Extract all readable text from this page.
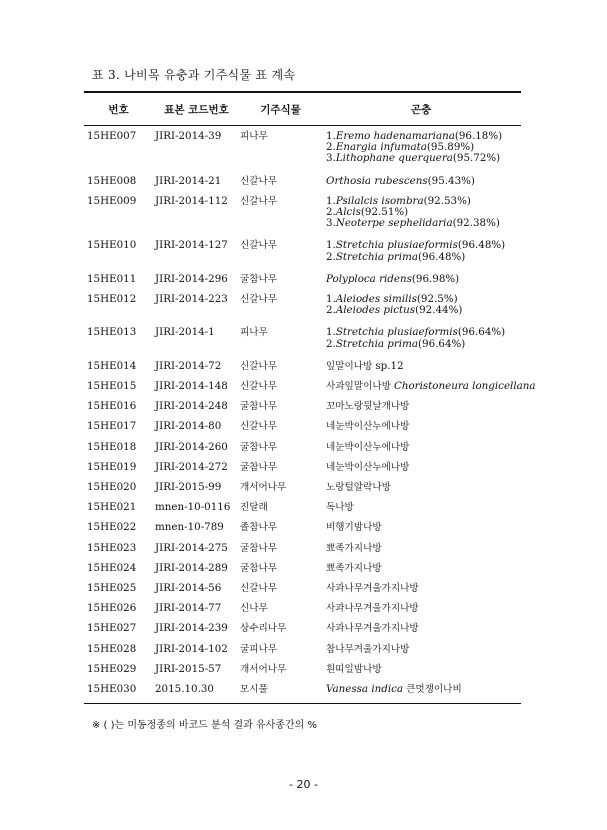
표 3. 나비목 유충과 기주식물 표 계속
번호	표본 코드번호	기주식물	곤충
15HE007	JIRI-2014-39	피나무	1.Eremo hadenamariana(96.18%)
2.Enargia infumata(95.89%)
3.Lithophane querquera(95.72%)
15HE008	JIRI-2014-21	신갈나무	Orthosia rubescens(95.43%)
15HE009	JIRI-2014-112	신갈나무	1.Psilalcis isombra(92.53%)
2.Alcis(92.51%)
3.Neoterpe sephelidaria(92.38%)
15HE010	JIRI-2014-127	신갈나무	1.Stretchia plusiaeformis(96.48%)
2.Stretchia prima(96.48%)
15HE011	JIRI-2014-296	굴참나무	Polyploca ridens(96.98%)
15HE012	JIRI-2014-223	신갈나무	1.Aleiodes similis(92.5%)
2.Aleiodes pictus(92.44%)
15HE013	JIRI-2014-1	피나무	1.Stretchia plusiaeformis(96.64%)
2.Stretchia prima(96.64%)
15HE014	JIRI-2014-72	신갈나무	잎말이나방 sp.12
15HE015	JIRI-2014-148	신갈나무	사과잎말이나방 Choristoneura longicellana
15HE016	JIRI-2014-248	굴참나무	꼬마노랑뒷날개나방
15HE017	JIRI-2014-80	신갈나무	네눈박이산누에나방
15HE018	JIRI-2014-260	굴참나무	네눈박이산누에나방
15HE019	JIRI-2014-272	굴참나무	네눈박이산누에나방
15HE020	JIRI-2015-99	개서어나무	노랑털알락나방
15HE021	mnen-10-0116	진달래	독나방
15HE022	mnen-10-789	졸참나무	비행기밤나방
15HE023	JIRI-2014-275	굴참나무	뾰족가지나방
15HE024	JIRI-2014-289	굴참나무	뾰족가지나방
15HE025	JIRI-2014-56	신갈나무	사과나무겨울가지나방
15HE026	JIRI-2014-77	신나무	사과나무겨울가지나방
15HE027	JIRI-2014-239	상수리나무	사과나무겨울가지나방
15HE028	JIRI-2014-102	굴피나무	참나무겨울가지나방
15HE029	JIRI-2015-57	개서어나무	흰띠일밤나방
15HE030	2015.10.30	모시풀	Vanessa indica 큰멋쟁이나비
※ ( )는 미동정종의 바코드 분석 결과 유사종간의 %
- 20 -
